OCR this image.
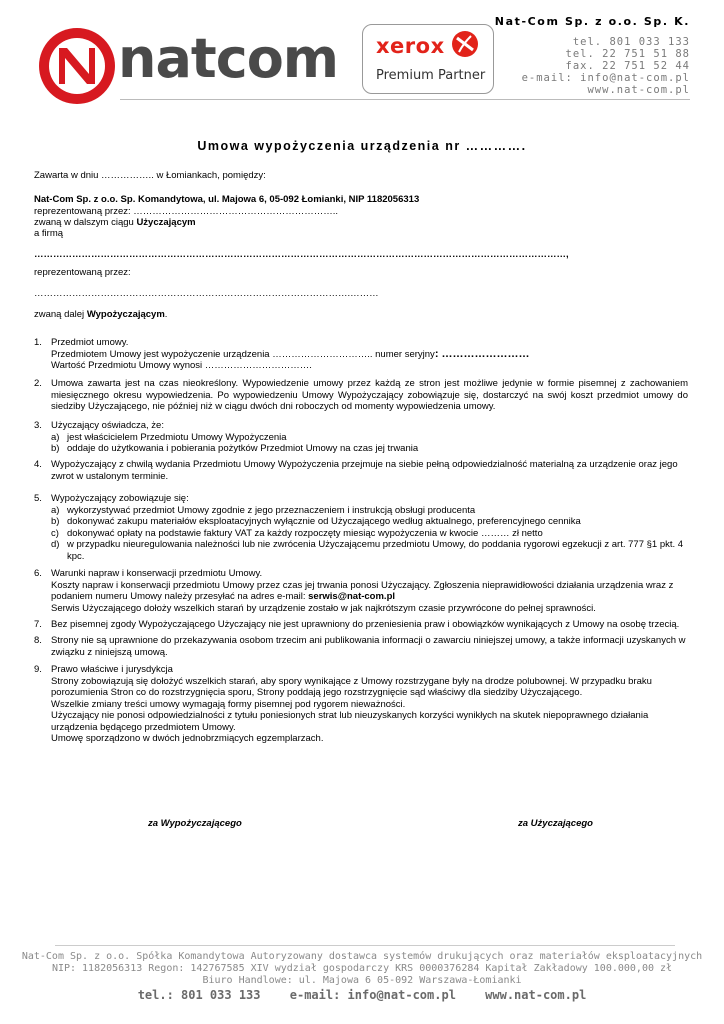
natcom xerox
Premium Partner
Nat-Com Sp. z o.o. Sp. K.
tel. 801 033 133
tel. 22 751 51 88
fax. 22 751 52 44
e-mail: info@nat-com.pl
www.nat-com.pl
Umowa wypożyczenia urządzenia nr ………….
Zawarta w dniu …………….. w Łomiankach, pomiędzy:
Nat-Com Sp. z o.o. Sp. Komandytowa, ul. Majowa 6, 05-092 Łomianki, NIP 1182056313
reprezentowaną przez: ………………………………………………………..
zwaną w dalszym ciągu Użyczającym
a firmą
……………………………………………………………………………………………………………………………………………………,
reprezentowaną przez:
……………………………………………………………………………………….………
zwaną dalej Wypożyczającym.
1. Przedmiot umowy.
Przedmiotem Umowy jest wypożyczenie urządzenia ………………………….. numer seryjny: ……………………
Wartość Przedmiotu Umowy wynosi …………………………….
2. Umowa zawarta jest na czas nieokreślony. Wypowiedzenie umowy przez każdą ze stron jest możliwe jedynie w formie pisemnej z zachowaniem miesięcznego okresu wypowiedzenia. Po wypowiedzeniu Umowy Wypożyczający zobowiązuje się, dostarczyć na swój koszt przedmiot umowy do siedziby Użyczającego, nie później niż w ciągu dwóch dni roboczych od momenty wypowiedzenia umowy.
3. Użyczający oświadcza, że:
a) jest właścicielem Przedmiotu Umowy Wypożyczenia
b) oddaje do użytkowania i pobierania pożytków Przedmiot Umowy na czas jej trwania
4. Wypożyczający z chwilą wydania Przedmiotu Umowy Wypożyczenia przejmuje na siebie pełną odpowiedzialność materialną za urządzenie oraz jego zwrot w ustalonym terminie.
5. Wypożyczający zobowiązuje się:
a) wykorzystywać przedmiot Umowy zgodnie z jego przeznaczeniem i instrukcją obsługi producenta
b) dokonywać zakupu materiałów eksploatacyjnych wyłącznie od Użyczającego według aktualnego, preferencyjnego cennika
c) dokonywać opłaty na podstawie faktury VAT za każdy rozpoczęty miesiąc wypożyczenia w kwocie ……… zł netto
d) w przypadku nieuregulowania należności lub nie zwrócenia Użyczającemu przedmiotu Umowy, do poddania rygorowi egzekucji z art. 777 §1 pkt. 4 kpc.
6. Warunki napraw i konserwacji przedmiotu Umowy.
Koszty napraw i konserwacji przedmiotu Umowy przez czas jej trwania ponosi Użyczający. Zgłoszenia nieprawidłowości działania urządzenia wraz z podaniem numeru Umowy należy przesyłać na adres e-mail: serwis@nat-com.pl
Serwis Użyczającego dołoży wszelkich starań by urządzenie zostało w jak najkrótszym czasie przywrócone do pełnej sprawności.
7. Bez pisemnej zgody Wypożyczającego Użyczający nie jest uprawniony do przeniesienia praw i obowiązków wynikających z Umowy na osobę trzecią.
8. Strony nie są uprawnione do przekazywania osobom trzecim ani publikowania informacji o zawarciu niniejszej umowy, a także informacji uzyskanych w związku z niniejszą umową.
9. Prawo właściwe i jurysdykcja
Strony zobowiązują się dołożyć wszelkich starań, aby spory wynikające z Umowy rozstrzygane były na drodze polubownej. W przypadku braku porozumienia Stron co do rozstrzygnięcia sporu, Strony poddają jego rozstrzygnięcie sąd właściwy dla siedziby Użyczającego.
Wszelkie zmiany treści umowy wymagają formy pisemnej pod rygorem nieważności.
Użyczający nie ponosi odpowiedzialności z tytułu poniesionych strat lub nieuzyskanych korzyści wynikłych na skutek niepoprawnego działania urządzenia będącego przedmiotem Umowy.
Umowę sporządzono w dwóch jednobrzmiących egzemplarzach.
za Wypożyczającego	za Użyczającego
Nat-Com Sp. z o.o. Spółka Komandytowa Autoryzowany dostawca systemów drukujących oraz materiałów eksploatacyjnych
NIP: 1182056313 Regon: 142767585 XIV wydział gospodarczy KRS 0000376284 Kapitał Zakładowy 100.000,00 zł
Biuro Handlowe: ul. Majowa 6 05-092 Warszawa-Łomianki
tel.: 801 033 133 e-mail: info@nat-com.pl www.nat-com.pl
